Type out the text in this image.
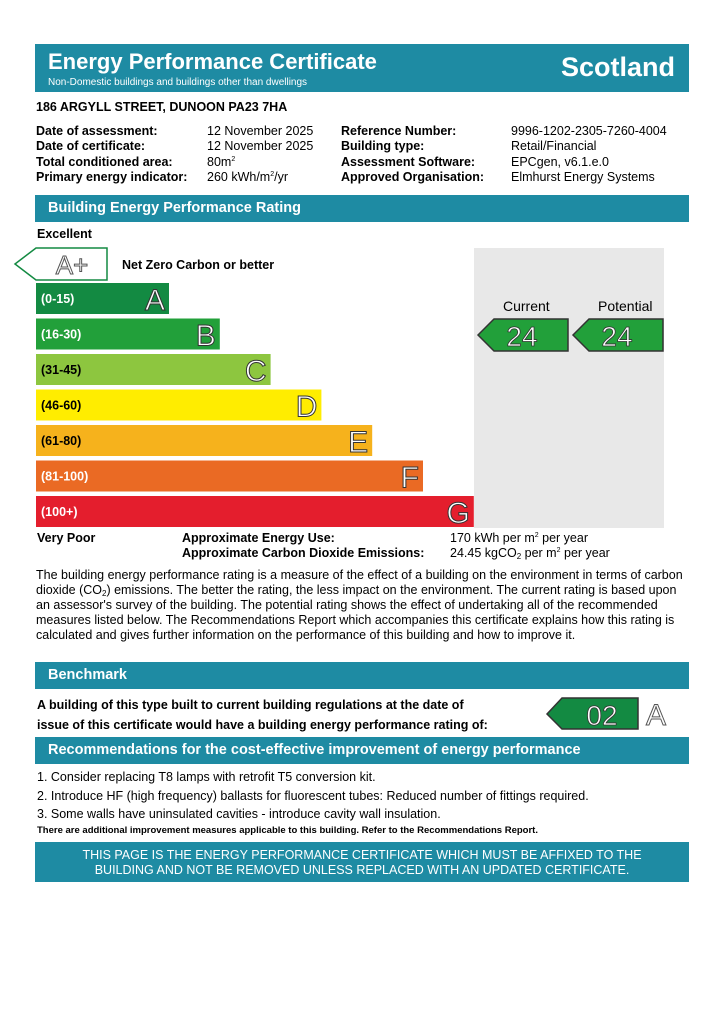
Energy Performance Certificate
Non-Domestic buildings and buildings other than dwellings
Scotland
186 ARGYLL STREET, DUNOON PA23 7HA
Date of assessment:	12 November 2025 Reference Number:	9996-1202-2305-7260-4004
Date of certificate:	12 November 2025 Building type:	Retail/Financial
Total conditioned area:	$80m^2$	Assessment Software:	EPCgen, v6.1.e.0
Primary energy indicator: 260 kWh/$m^2/yr$	Approved Organisation: Elmhurst Energy Systems
Building Energy Performance Rating
Excellent
Current	Potential
A+
(0-15) A
(16-30)	B
(31-45)	C
(46-60)	D
(61-80)	E
(81-100)	F
(100+)	G
24 24
Net Zero Carbon or better
Very Poor	Approximate Energy Use:	170 kWh per $m^2$ per year
Approximate Carbon Dioxide Emissions: 24.45 kgCO$_2$ per $m^2$ per year
The building energy performance rating is a measure of the effect of a building on the environment in terms of carbon dioxide $(CO_2)$ emissions. The better the rating, the less impact on the environment. The current rating is based upon an assessor's survey of the building. The potential rating shows the effect of undertaking all of the recommended measures listed below. The Recommendations Report which accompanies this certificate explains how this rating is calculated and gives further information on the performance of this building and how to improve it.
Benchmark
A building of this type built to current building regulations at the date of
issue of this certificate would have a building energy performance rating of:	02 A
Recommendations for the cost-effective improvement of energy performance
1. Consider replacing T8 lamps with retrofit T5 conversion kit.
2. Introduce HF (high frequency) ballasts for fluorescent tubes: Reduced number of fittings required.
3. Some walls have uninsulated cavities - introduce cavity wall insulation.
There are additional improvement measures applicable to this building. Refer to the Recommendations Report.
THIS PAGE IS THE ENERGY PERFORMANCE CERTIFICATE WHICH MUST BE AFFIXED TO THE
BUILDING AND NOT BE REMOVED UNLESS REPLACED WITH AN UPDATED CERTIFICATE.
